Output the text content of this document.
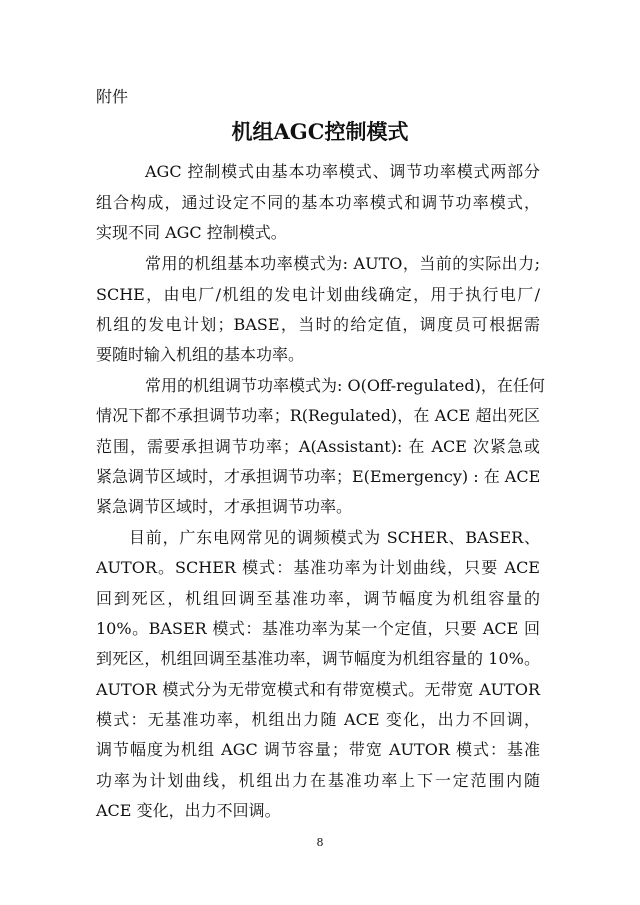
附件
机组AGC控制模式
AGC 控制模式由基本功率模式、调节功率模式两部分
组合构成，通过设定不同的基本功率模式和调节功率模式，
实现不同 AGC 控制模式。
常用的机组基本功率模式为: AUTO，当前的实际出力;
SCHE，由电厂/机组的发电计划曲线确定，用于执行电厂/
机组的发电计划；BASE，当时的给定值，调度员可根据需
要随时输入机组的基本功率。
常用的机组调节功率模式为: O(Off-regulated)，在任何
情况下都不承担调节功率；R(Regulated)，在 ACE 超出死区
范围，需要承担调节功率；A(Assistant): 在 ACE 次紧急或
紧急调节区域时，才承担调节功率；E(Emergency) : 在 ACE
紧急调节区域时，才承担调节功率。
目前，广东电网常见的调频模式为 SCHER、BASER、
AUTOR。SCHER 模式：基准功率为计划曲线，只要 ACE
回到死区，机组回调至基准功率，调节幅度为机组容量的
10%。BASER 模式：基准功率为某一个定值，只要 ACE 回
到死区，机组回调至基准功率，调节幅度为机组容量的 10%。
AUTOR 模式分为无带宽模式和有带宽模式。无带宽 AUTOR
模式：无基准功率，机组出力随 ACE 变化，出力不回调，
调节幅度为机组 AGC 调节容量；带宽 AUTOR 模式：基准
功率为计划曲线，机组出力在基准功率上下一定范围内随
ACE 变化，出力不回调。
8
